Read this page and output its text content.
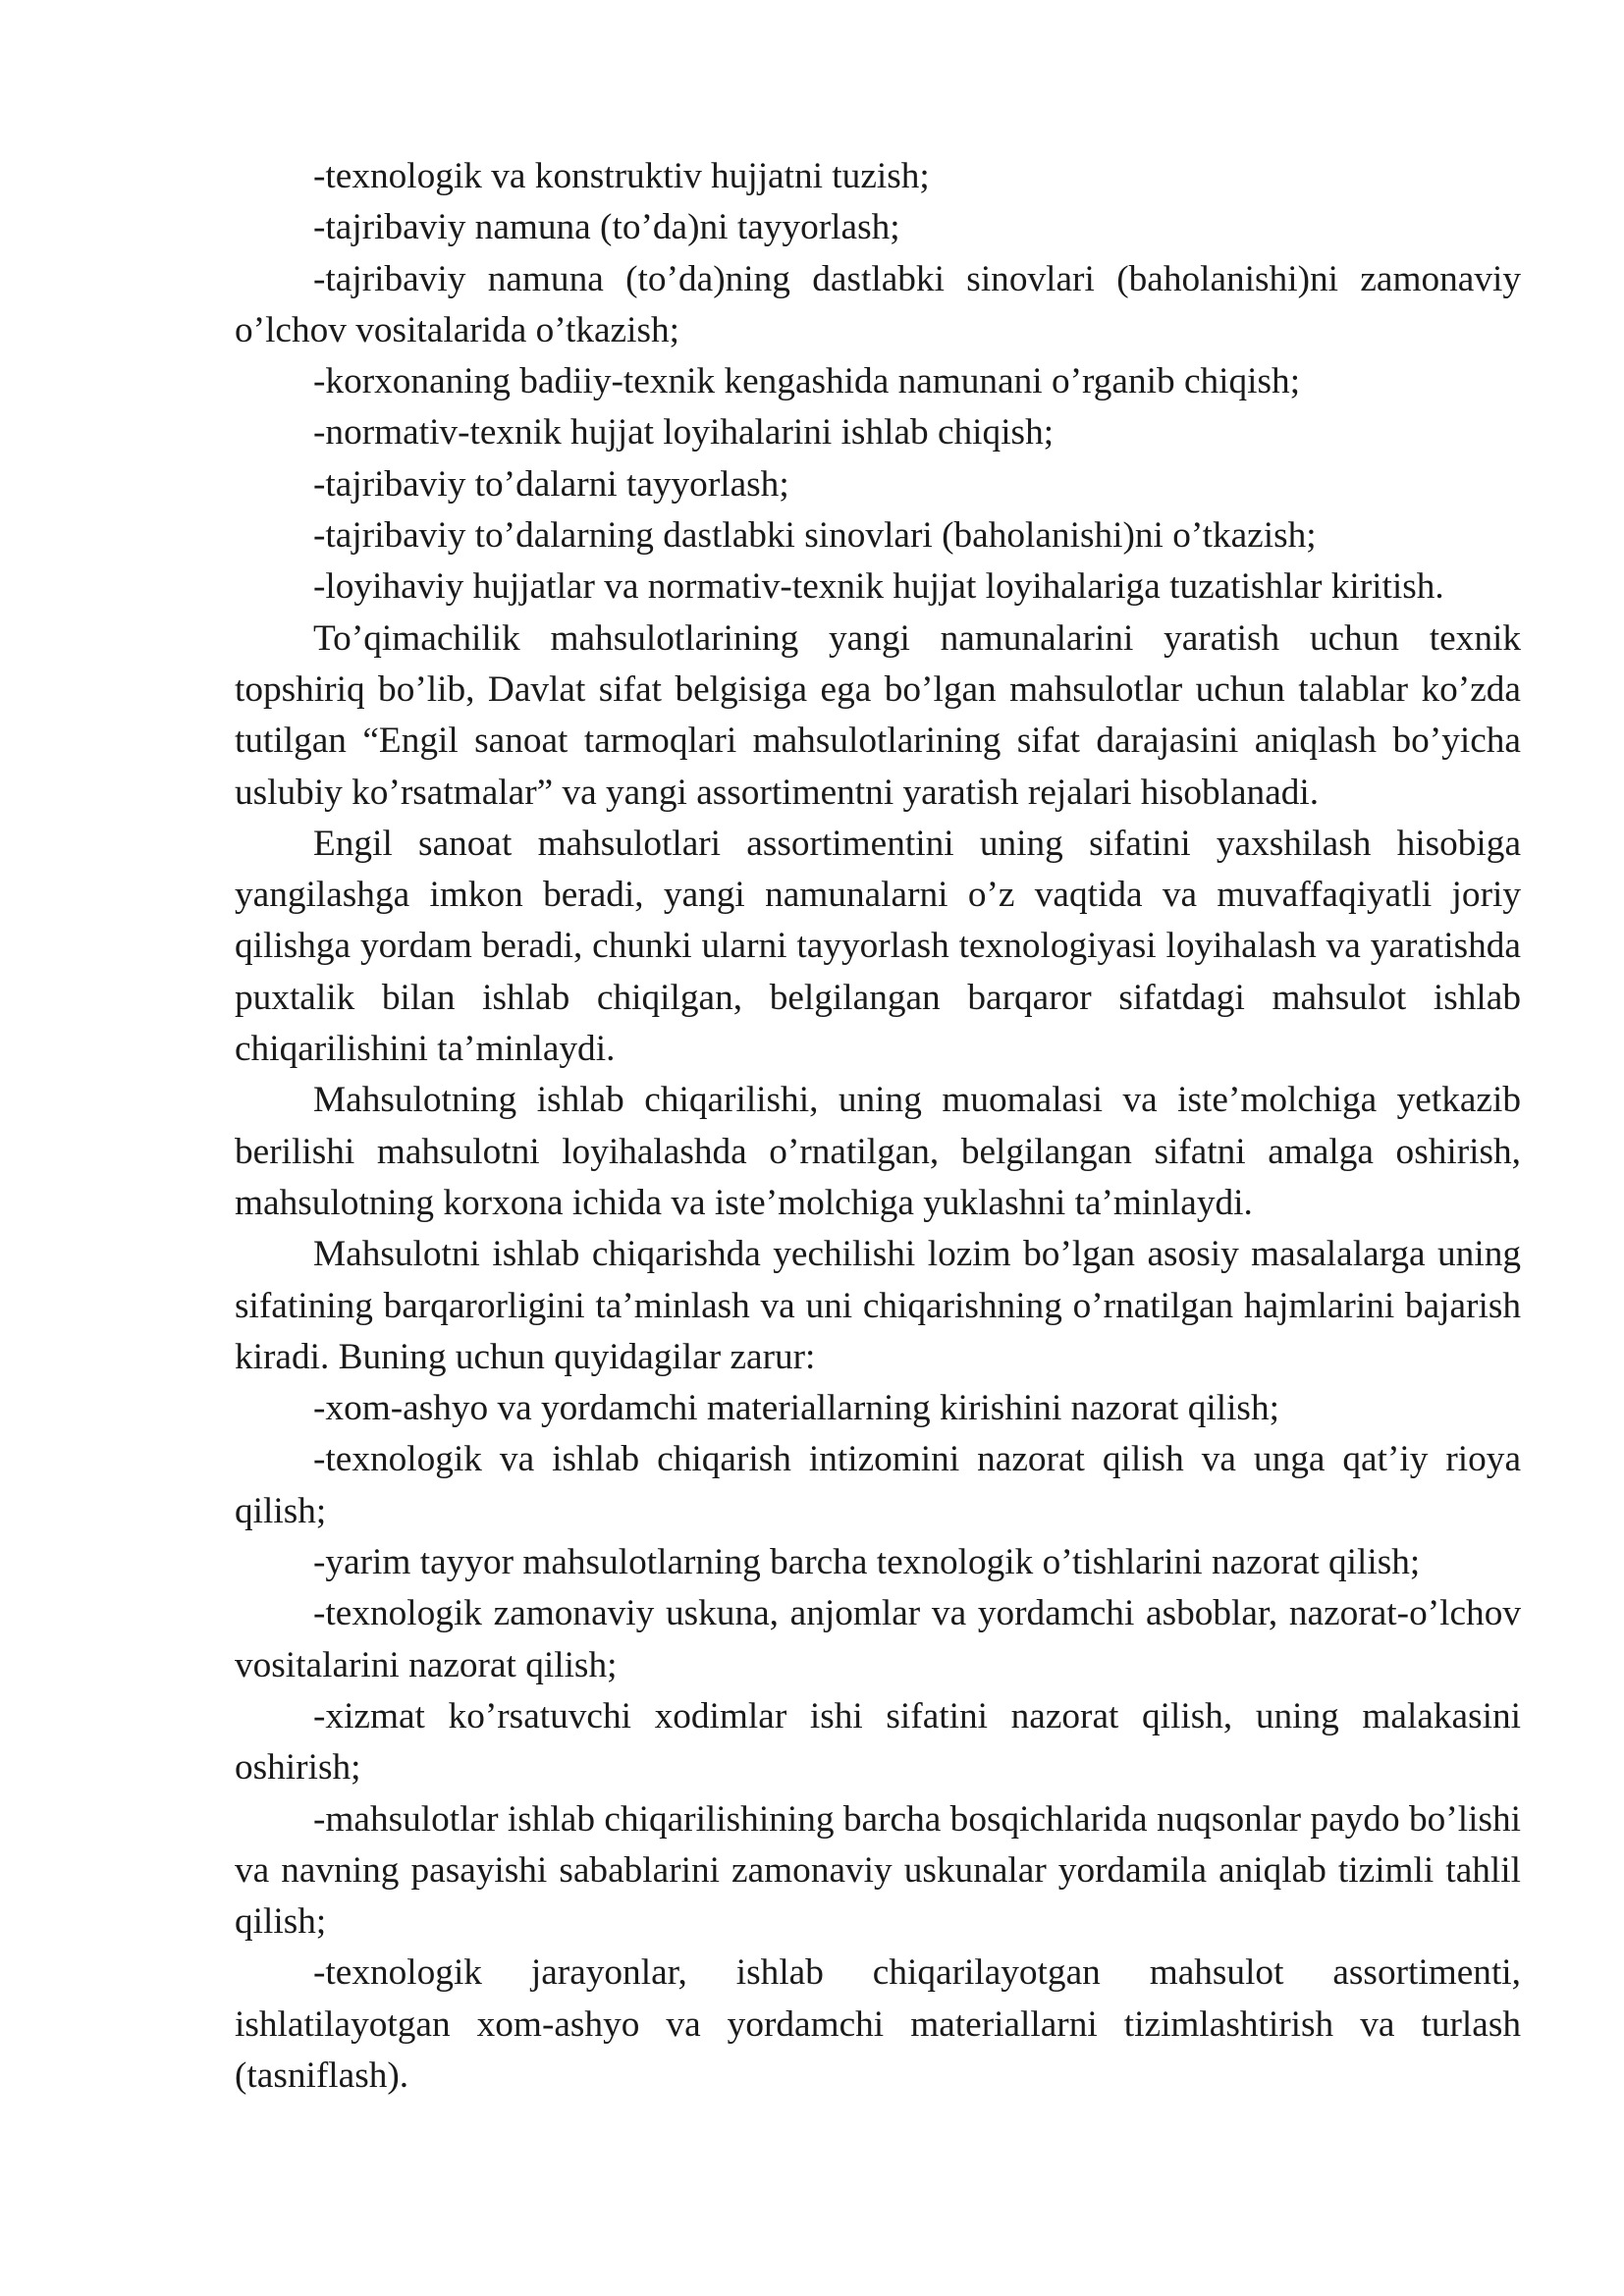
-texnologik va konstruktiv hujjatni tuzish;

-tajribaviy namuna (to’da)ni tayyorlash;

-tajribaviy namuna (to’da)ning dastlabki sinovlari (baholanishi)ni zamonaviy o’lchov vositalarida o’tkazish;

-korxonaning badiiy-texnik kengashida namunani o’rganib chiqish;

-normativ-texnik hujjat loyihalarini ishlab chiqish;

-tajribaviy to’dalarni tayyorlash;

-tajribaviy to’dalarning dastlabki sinovlari (baholanishi)ni o’tkazish;

-loyihaviy hujjatlar va normativ-texnik hujjat loyihalariga tuzatishlar kiritish.

To’qimachilik mahsulotlarining yangi namunalarini yaratish uchun texnik topshiriq bo’lib, Davlat sifat belgisiga ega bo’lgan mahsulotlar uchun talablar ko’zda tutilgan “Engil sanoat tarmoqlari mahsulotlarining sifat darajasini aniqlash bo’yicha uslubiy ko’rsatmalar” va yangi assortimentni yaratish rejalari hisoblanadi.

Engil sanoat mahsulotlari assortimentini uning sifatini yaxshilash hisobiga yangilashga imkon beradi, yangi namunalarni o’z vaqtida va muvaffaqiyatli joriy qilishga yordam beradi, chunki ularni tayyorlash texnologiyasi loyihalash va yaratishda puxtalik bilan ishlab chiqilgan, belgilangan barqaror sifatdagi mahsulot ishlab chiqarilishini ta’minlaydi.

Mahsulotning ishlab chiqarilishi, uning muomalasi va iste’molchiga yetkazib berilishi mahsulotni loyihalashda o’rnatilgan, belgilangan sifatni amalga oshirish, mahsulotning korxona ichida va iste’molchiga yuklashni ta’minlaydi.

Mahsulotni ishlab chiqarishda yechilishi lozim bo’lgan asosiy masalalarga uning sifatining barqarorligini ta’minlash va uni chiqarishning o’rnatilgan hajmlarini bajarish kiradi. Buning uchun quyidagilar zarur:

-xom-ashyo va yordamchi materiallarning kirishini nazorat qilish;

-texnologik va ishlab chiqarish intizomini nazorat qilish va unga qat’iy rioya qilish;

-yarim tayyor mahsulotlarning barcha texnologik o’tishlarini nazorat qilish;

-texnologik zamonaviy uskuna, anjomlar va yordamchi asboblar, nazorat-o’lchov vositalarini nazorat qilish;

-xizmat ko’rsatuvchi xodimlar ishi sifatini nazorat qilish, uning malakasini oshirish;

-mahsulotlar ishlab chiqarilishining barcha bosqichlarida nuqsonlar paydo bo’lishi va navning pasayishi sabablarini zamonaviy uskunalar yordamila aniqlab tizimli tahlil qilish;

-texnologik jarayonlar, ishlab chiqarilayotgan mahsulot assortimenti, ishlatilayotgan xom-ashyo va yordamchi materiallarni tizimlashtirish va turlash (tasniflash).
